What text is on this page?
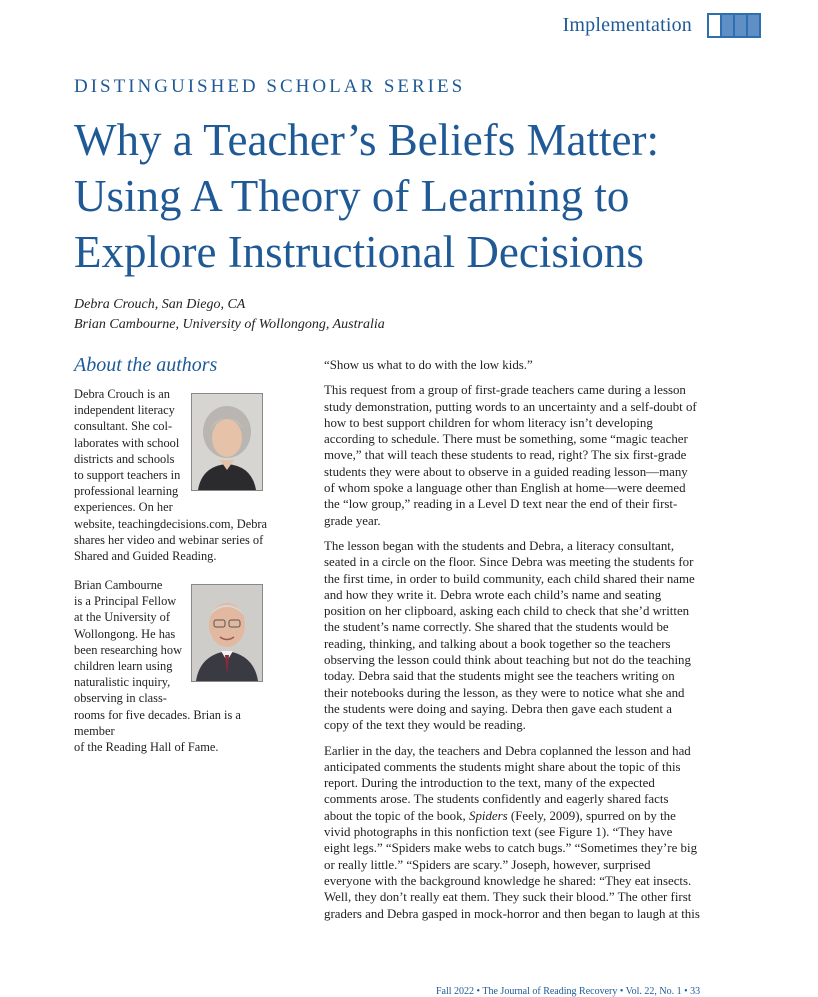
Implementation
DISTINGUISHED SCHOLAR SERIES
Why a Teacher’s Beliefs Matter:
Using A Theory of Learning to
Explore Instructional Decisions
Debra Crouch, San Diego, CA
Brian Cambourne, University of Wollongong, Australia
About the authors
Debra Crouch is an
independent literacy
consultant. She col-
laborates with school
districts and schools
to support teachers in
professional learning
experiences. On her
website, teachingdecisions.com, Debra
shares her video and webinar series of
Shared and Guided Reading.
Brian Cambourne
is a Principal Fellow
at the University of
Wollongong. He has
been researching how
children learn using
naturalistic inquiry,
observing in class-
rooms for five decades. Brian is a member
of the Reading Hall of Fame.

“Show us what to do with the low kids.”

This request from a group of first-grade teachers came during a lesson study demonstration, putting words to an uncertainty and a self-doubt of how to best support children for whom literacy isn’t developing according to schedule. There must be something, some “magic teacher move,” that will teach these students to read, right? The six first-grade students they were about to observe in a guided reading lesson—many of whom spoke a language other than English at home—were deemed the “low group,” reading in a Level D text near the end of their first-grade year.

The lesson began with the students and Debra, a literacy consultant, seated in a circle on the floor. Since Debra was meeting the students for the first time, in order to build community, each child shared their name and how they write it. Debra wrote each child’s name and seating position on her clipboard, asking each child to check that she’d written the student’s name correctly. She shared that the students would be reading, thinking, and talking about a book together so the teachers observing the lesson could think about teaching but not do the teaching today. Debra said that the students might see the teachers writing on their notebooks during the lesson, as they were to notice what she and the students were doing and saying. Debra then gave each student a copy of the text they would be reading.

Earlier in the day, the teachers and Debra coplanned the lesson and had anticipated comments the students might share about the topic of this report. During the introduction to the text, many of the expected comments arose. The students confidently and eagerly shared facts about the topic of the book, Spiders (Feely, 2009), spurred on by the vivid photographs in this nonfiction text (see Figure 1). “They have eight legs.” “Spiders make webs to catch bugs.” “Sometimes they’re big or really little.” “Spiders are scary.” Joseph, however, surprised everyone with the background knowledge he shared: “They eat insects. Well, they don’t really eat them. They suck their blood.” The other first graders and Debra gasped in mock-horror and then began to laugh at this

Fall 2022 • The Journal of Reading Recovery • Vol. 22, No. 1 • 33
